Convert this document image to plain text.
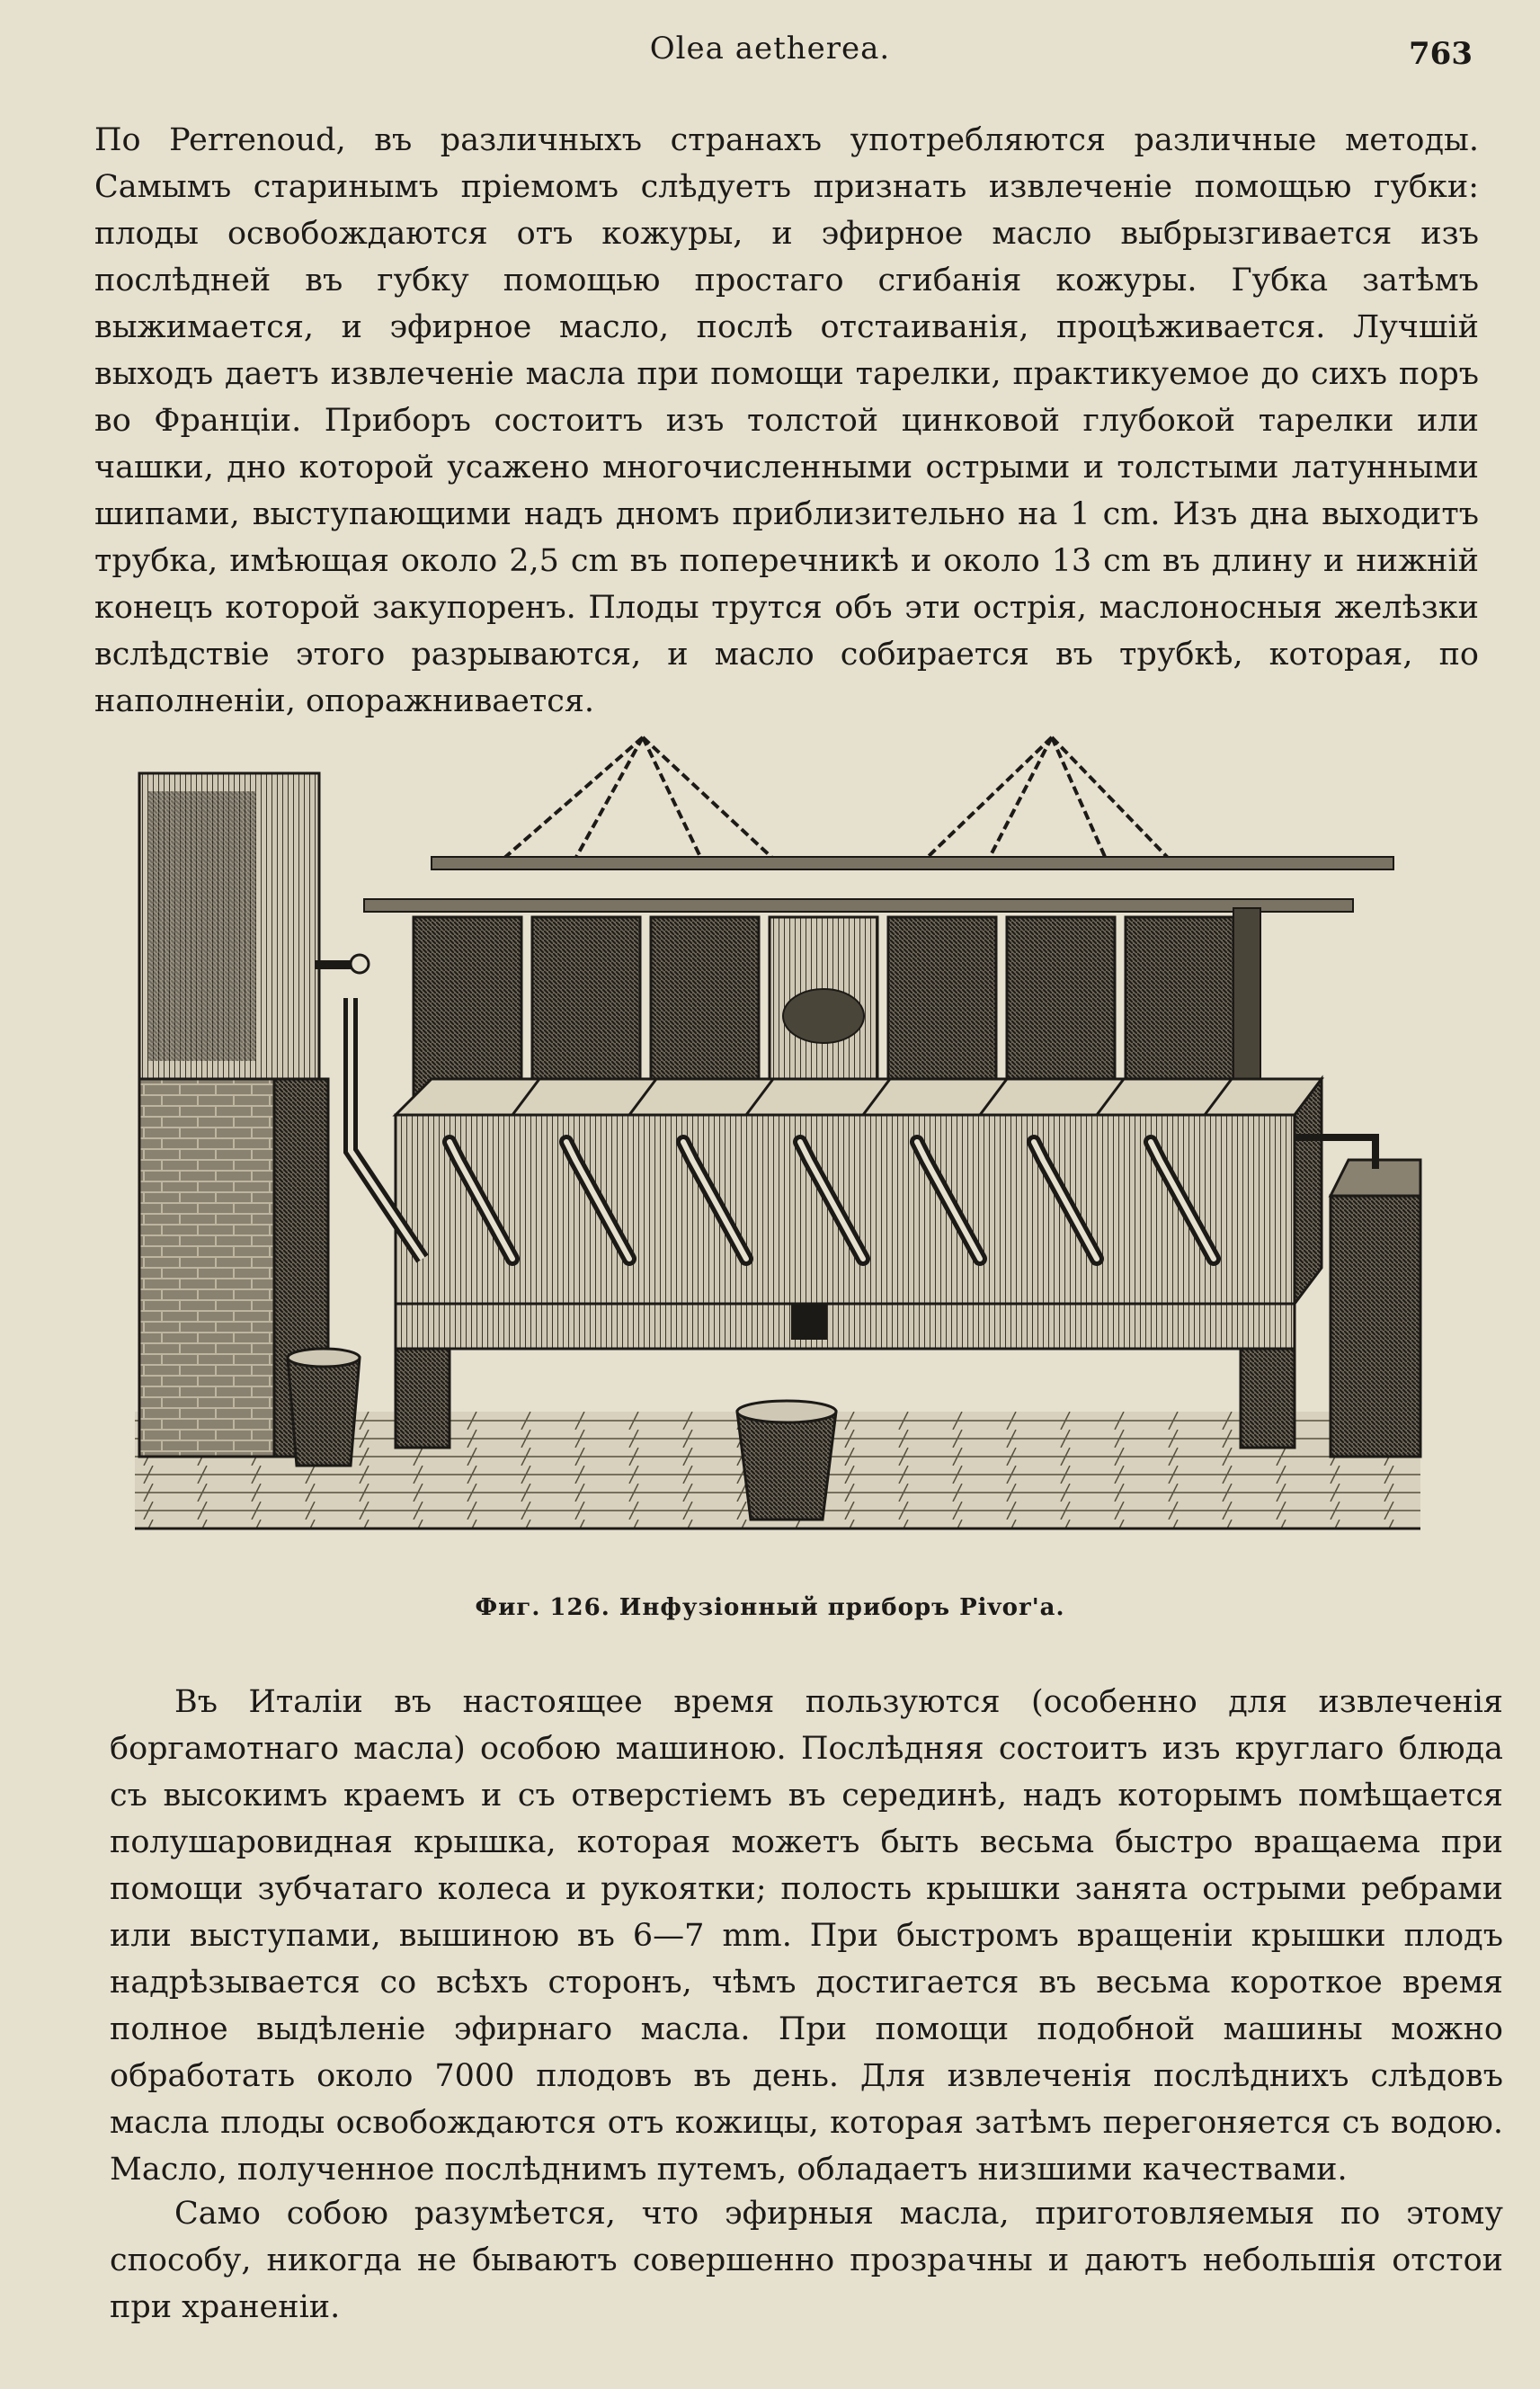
Olea aetherea.	763

По Perrenoud, въ различныхъ странахъ употребляются различные методы. Самымъ старинымъ пріемомъ слѣдуетъ признать извлеченіе помощью губки: плоды освобождаются отъ кожуры, и эфирное масло выбрызгивается изъ послѣдней въ губку помощью простаго сгибанія кожуры. Губка затѣмъ выжимается, и эфирное масло, послѣ отстаиванія, процѣживается. Лучшій выходъ даетъ извлеченіе масла при помощи тарелки, практикуемое до сихъ поръ во Франціи. Приборъ состоитъ изъ толстой цинковой глубокой тарелки или чашки, дно которой усажено многочисленными острыми и толстыми латунными шипами, выступающими надъ дномъ приблизительно на 1 cm. Изъ дна выходитъ трубка, имѣющая около 2,5 cm въ поперечникѣ и около 13 cm въ длину и нижній конецъ которой закупоренъ. Плоды трутся объ эти острія, маслоносныя желѣзки вслѣдствіе этого разрываются, и масло собирается въ трубкѣ, которая, по наполненіи, опоражнивается.

Фиг. 126. Инфузіонный приборъ Pivor'a.

Въ Италіи въ настоящее время пользуются (особенно для извлеченія боргамотнаго масла) особою машиною. Послѣдняя состоитъ изъ круглаго блюда съ высокимъ краемъ и съ отверстіемъ въ серединѣ, надъ которымъ помѣщается полушаровидная крышка, которая можетъ быть весьма быстро вращаема при помощи зубчатаго колеса и рукоятки; полость крышки занята острыми ребрами или выступами, вышиною въ 6—7 mm. При быстромъ вращеніи крышки плодъ надрѣзывается со всѣхъ сторонъ, чѣмъ достигается въ весьма короткое время полное выдѣленіе эфирнаго масла. При помощи подобной машины можно обработать около 7000 плодовъ въ день. Для извлеченія послѣднихъ слѣдовъ масла плоды освобождаются отъ кожицы, которая затѣмъ перегоняется съ водою. Масло, полученное послѣднимъ путемъ, обладаетъ низшими качествами.

Само собою разумѣется, что эфирныя масла, приготовляемыя по этому способу, никогда не бываютъ совершенно прозрачны и даютъ небольшія отстои при храненіи.
